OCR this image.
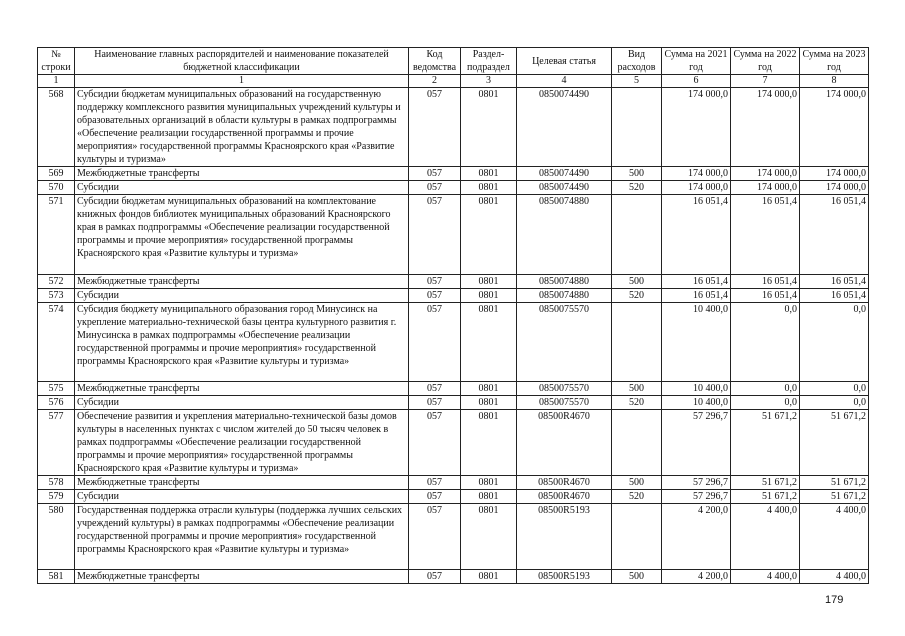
№ строки	Наименование главных распорядителей и наименование показателей бюджетной классификации	Код ведомства	Раздел-подраздел	Целевая статья	Вид расходов	Сумма на 2021 год	Сумма на 2022 год	Сумма на 2023 год
1	1	2	3	4	5	6	7	8
568	Субсидии бюджетам муниципальных образований на государственную поддержку комплексного развития муниципальных учреждений культуры и образовательных организаций в области культуры в рамках подпрограммы «Обеспечение реализации государственной программы и прочие мероприятия» государственной программы Красноярского края «Развитие культуры и туризма»	057	0801	0850074490		174 000,0	174 000,0	174 000,0
569	Межбюджетные трансферты	057	0801	0850074490	500	174 000,0	174 000,0	174 000,0
570	Субсидии	057	0801	0850074490	520	174 000,0	174 000,0	174 000,0
571	Субсидии бюджетам муниципальных образований на комплектование книжных фондов библиотек муниципальных образований Красноярского края в рамках подпрограммы «Обеспечение реализации государственной программы и прочие мероприятия» государственной программы Красноярского края «Развитие культуры и туризма»	057	0801	0850074880		16 051,4	16 051,4	16 051,4
572	Межбюджетные трансферты	057	0801	0850074880	500	16 051,4	16 051,4	16 051,4
573	Субсидии	057	0801	0850074880	520	16 051,4	16 051,4	16 051,4
574	Субсидия бюджету муниципального образования город Минусинск на укрепление материально-технической базы центра культурного развития г. Минусинска в рамках подпрограммы «Обеспечение реализации государственной программы и прочие мероприятия» государственной программы Красноярского края «Развитие культуры и туризма»	057	0801	0850075570		10 400,0	0,0	0,0
575	Межбюджетные трансферты	057	0801	0850075570	500	10 400,0	0,0	0,0
576	Субсидии	057	0801	0850075570	520	10 400,0	0,0	0,0
577	Обеспечение развития и укрепления материально-технической базы домов культуры в населенных пунктах с числом жителей до 50 тысяч человек в рамках подпрограммы «Обеспечение реализации государственной программы и прочие мероприятия» государственной программы Красноярского края «Развитие культуры и туризма»	057	0801	08500R4670		57 296,7	51 671,2	51 671,2
578	Межбюджетные трансферты	057	0801	08500R4670	500	57 296,7	51 671,2	51 671,2
579	Субсидии	057	0801	08500R4670	520	57 296,7	51 671,2	51 671,2
580	Государственная поддержка отрасли культуры (поддержка лучших сельских учреждений культуры) в рамках подпрограммы «Обеспечение реализации государственной программы и прочие мероприятия» государственной программы Красноярского края «Развитие культуры и туризма»	057	0801	08500R5193		4 200,0	4 400,0	4 400,0
581	Межбюджетные трансферты	057	0801	08500R5193	500	4 200,0	4 400,0	4 400,0
179
